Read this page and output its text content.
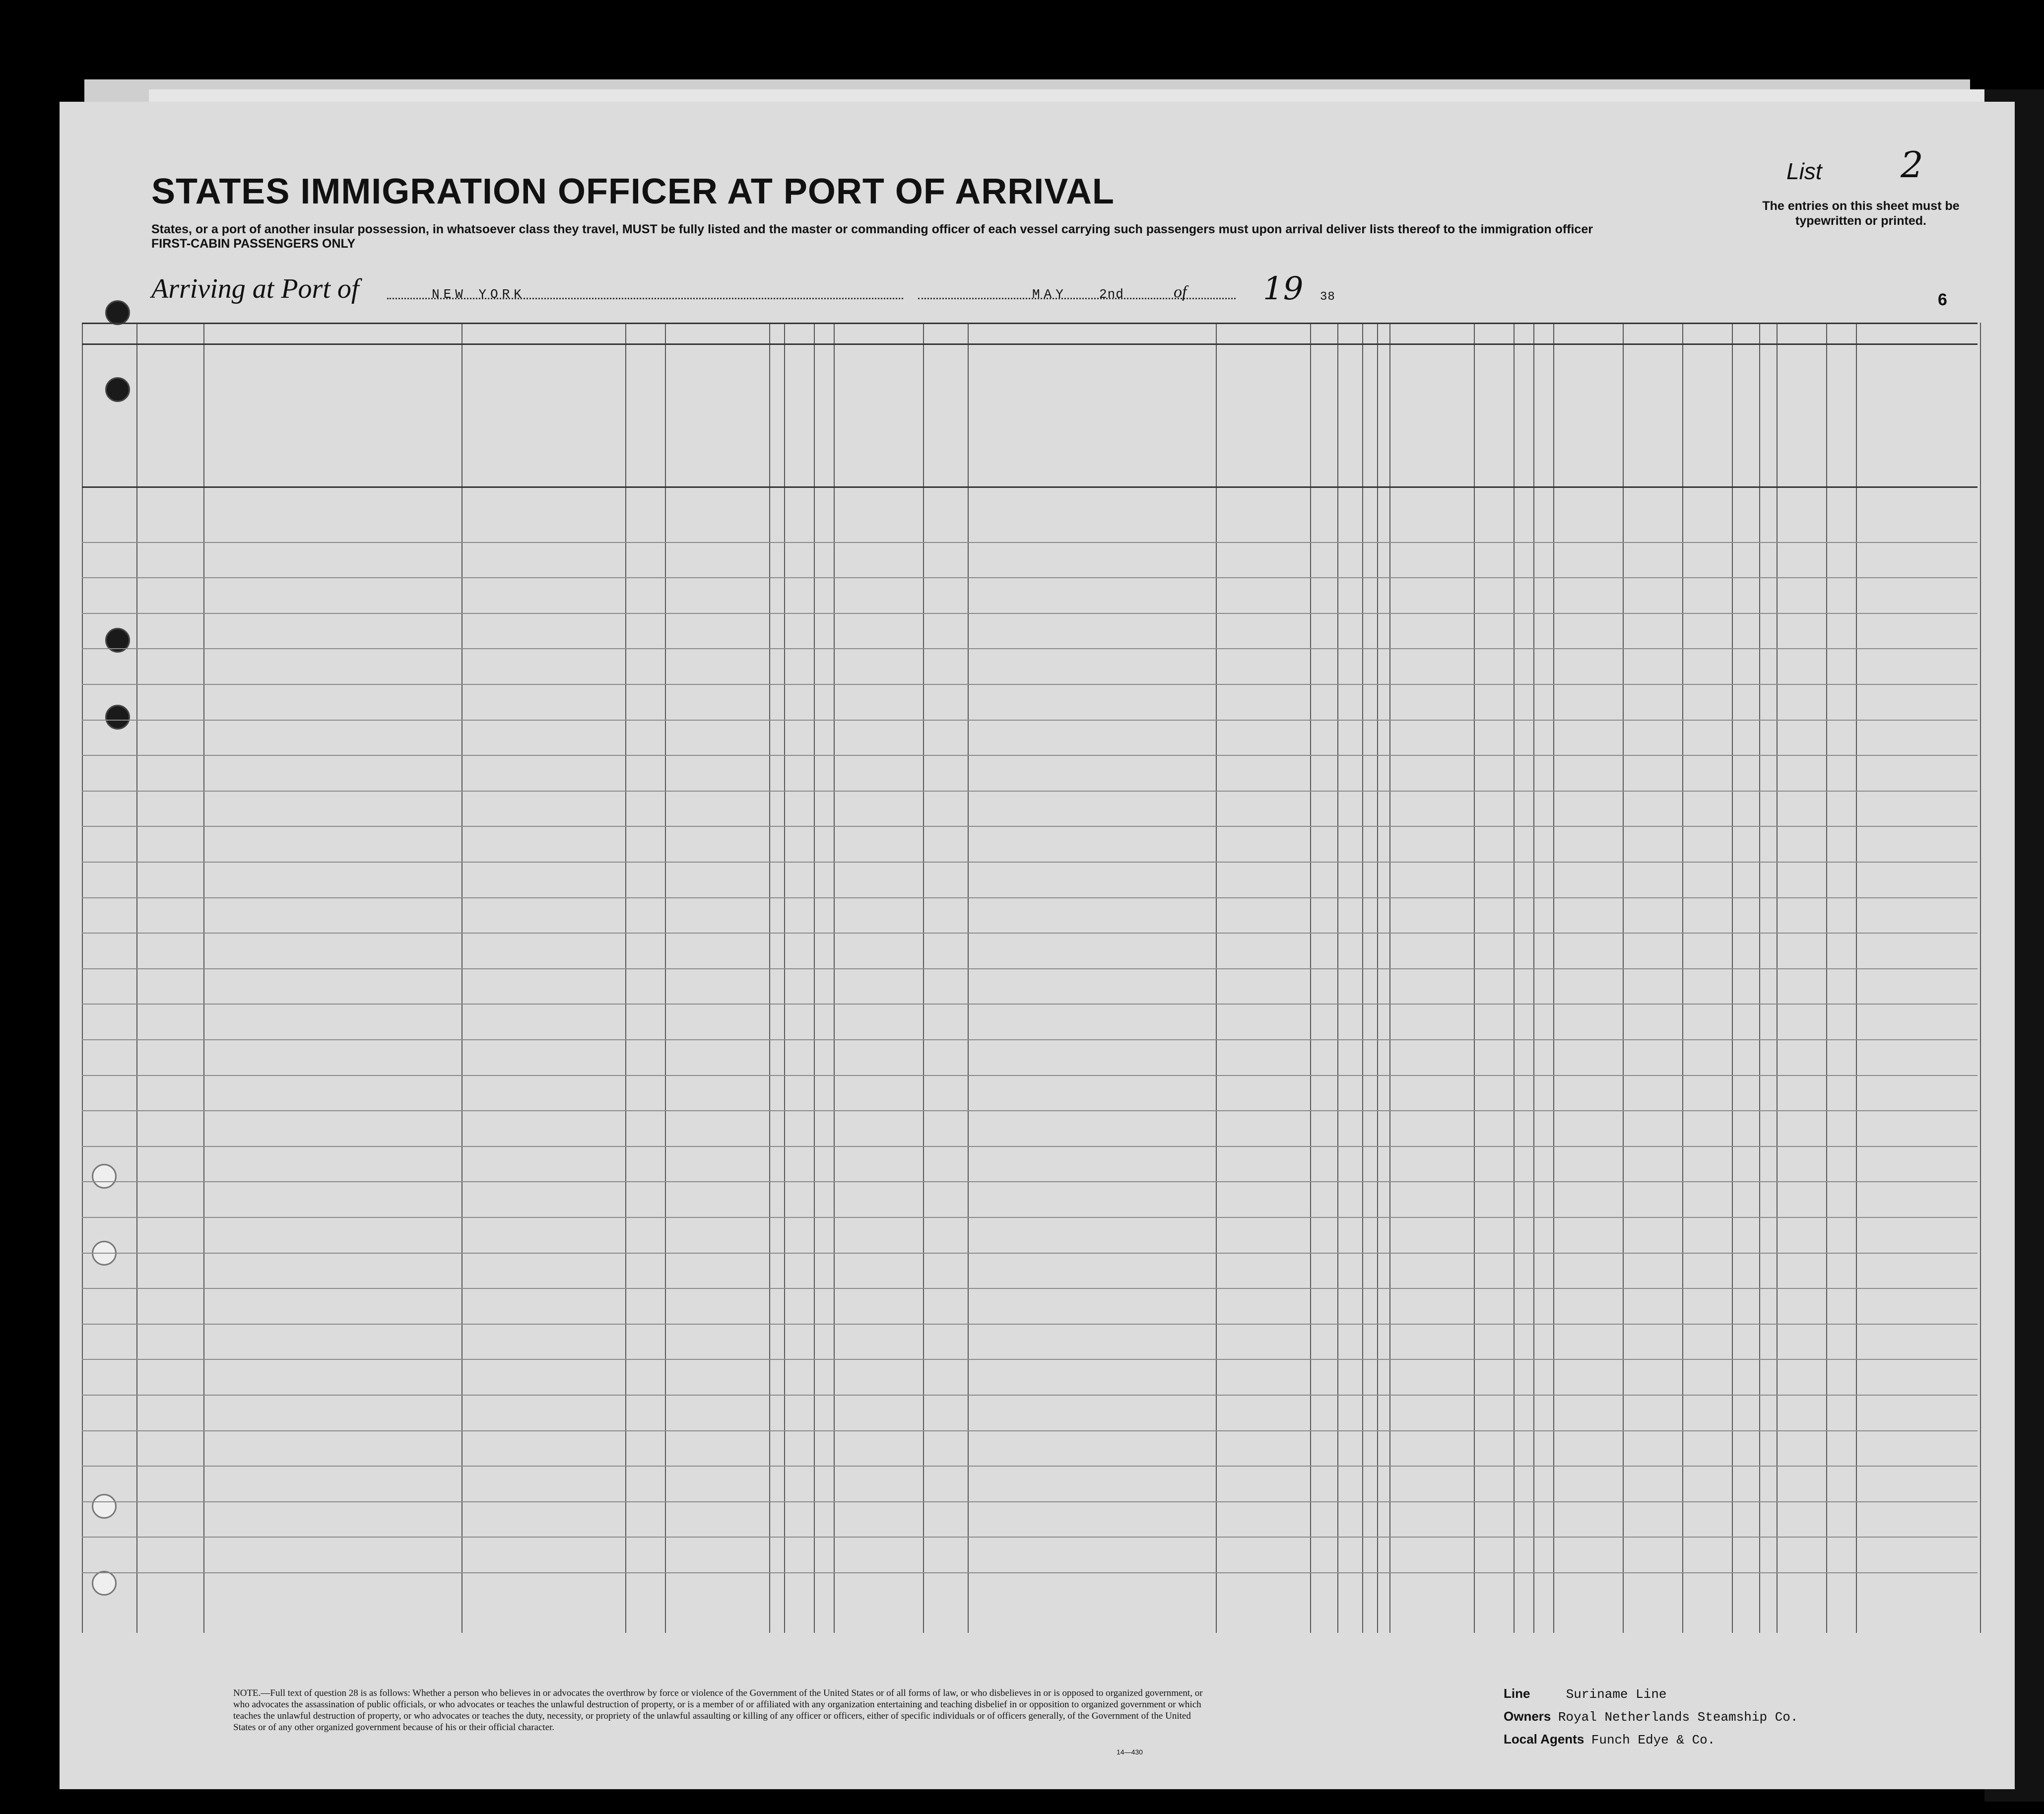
STATES IMMIGRATION OFFICER AT PORT OF ARRIVAL
States, or a port of another insular possession, in whatsoever class they travel, MUST be fully listed and the master or commanding officer of each vessel carrying such passengers must upon arrival deliver lists thereof to the immigration officer
FIRST-CABIN PASSENGERS ONLY
List 2
The entries on this sheet must be typewritten or printed.
Arriving at Port of	NEW YORK	MAY 2nd	of 19 38	6
NOTE.—Full text of question 28 is as follows: Whether a person who believes in or advocates the overthrow by force or violence of the Government of the United States or of all forms of law, or who disbelieves in or is opposed to organized government, or who advocates the assassination of public officials, or who advocates or teaches the unlawful destruction of property, or is a member of or affiliated with any organization entertaining and teaching disbelief in or opposition to organized government or which teaches the unlawful destruction of property, or who advocates or teaches the duty, necessity, or propriety of the unlawful assaulting or killing of any officer or officers, either of specific individuals or of officers generally, of the Government of the United States or of any other organized government because of his or their official character.
14—430
Line	Suriname Line
Owners Royal Netherlands Steamship Co.
Local Agents Funch Edye & Co.
